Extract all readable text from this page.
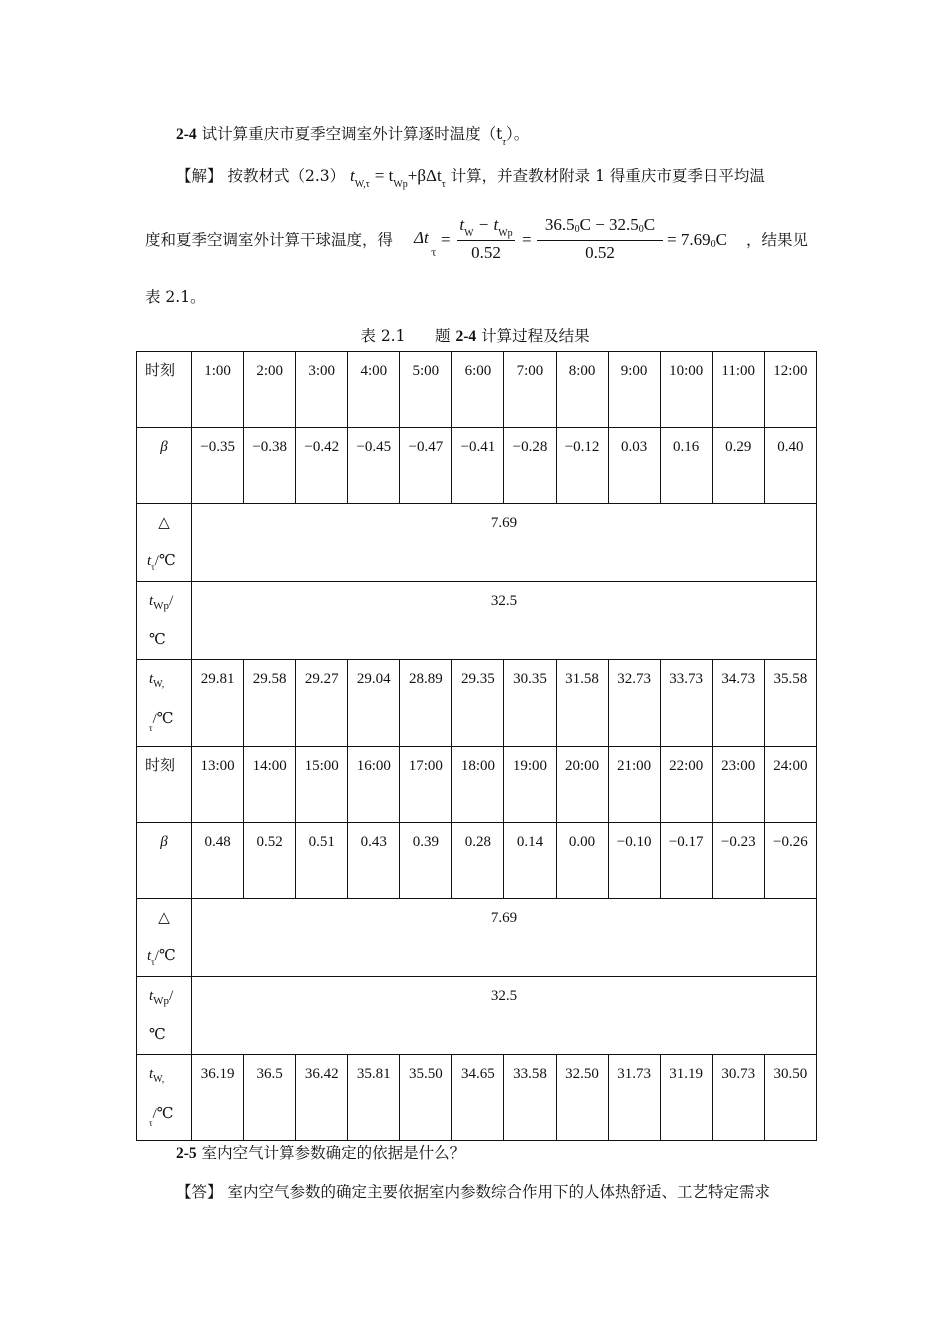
2-4 试计算重庆市夏季空调室外计算逐时温度$(t_\tau)$。
【解】 按教材式（2.3） $t_{W,\tau} = t_{Wp}+\beta\Delta t_\tau$ 计算，并查教材附录 1 得重庆市夏季日平均温
度和夏季空调室外计算干球温度，得 Δt
τ
=
$t_W - t_{Wp}$
0.52
=
36.50C − 32.50C
0.52
= 7.690C ，结果见
表 2.1。
表 2.1 题 2-4 计算过程及结果
时刻	1:00	2:00	3:00	4:00	5:00	6:00	7:00	8:00	9:00	10:00	11:00	12:00
β	−0.35	−0.38	−0.42	−0.45	−0.47	−0.41	−0.28	−0.12	0.03	0.16	0.29	0.40

△
$t_\tau/℃$	7.69											

$t_{Wp}/$
℃	32.5											

$t_{W,}$
$_\tau$/℃	29.81	29.58	29.27	29.04	28.89	29.35	30.35	31.58	32.73	33.73	34.73	35.58
时刻	13:00	14:00	15:00	16:00	17:00	18:00	19:00	20:00	21:00	22:00	23:00	24:00
β	0.48	0.52	0.51	0.43	0.39	0.28	0.14	0.00	−0.10	−0.17	−0.23	−0.26

△
$t_\tau/℃$	7.69											

$t_{Wp}/$
℃	32.5											

$t_{W,}$
$_\tau$/℃	36.19	36.5	36.42	35.81	35.50	34.65	33.58	32.50	31.73	31.19	30.73	30.50
2-5 室内空气计算参数确定的依据是什么？
【答】 室内空气参数的确定主要依据室内参数综合作用下的人体热舒适、工艺特定需求
